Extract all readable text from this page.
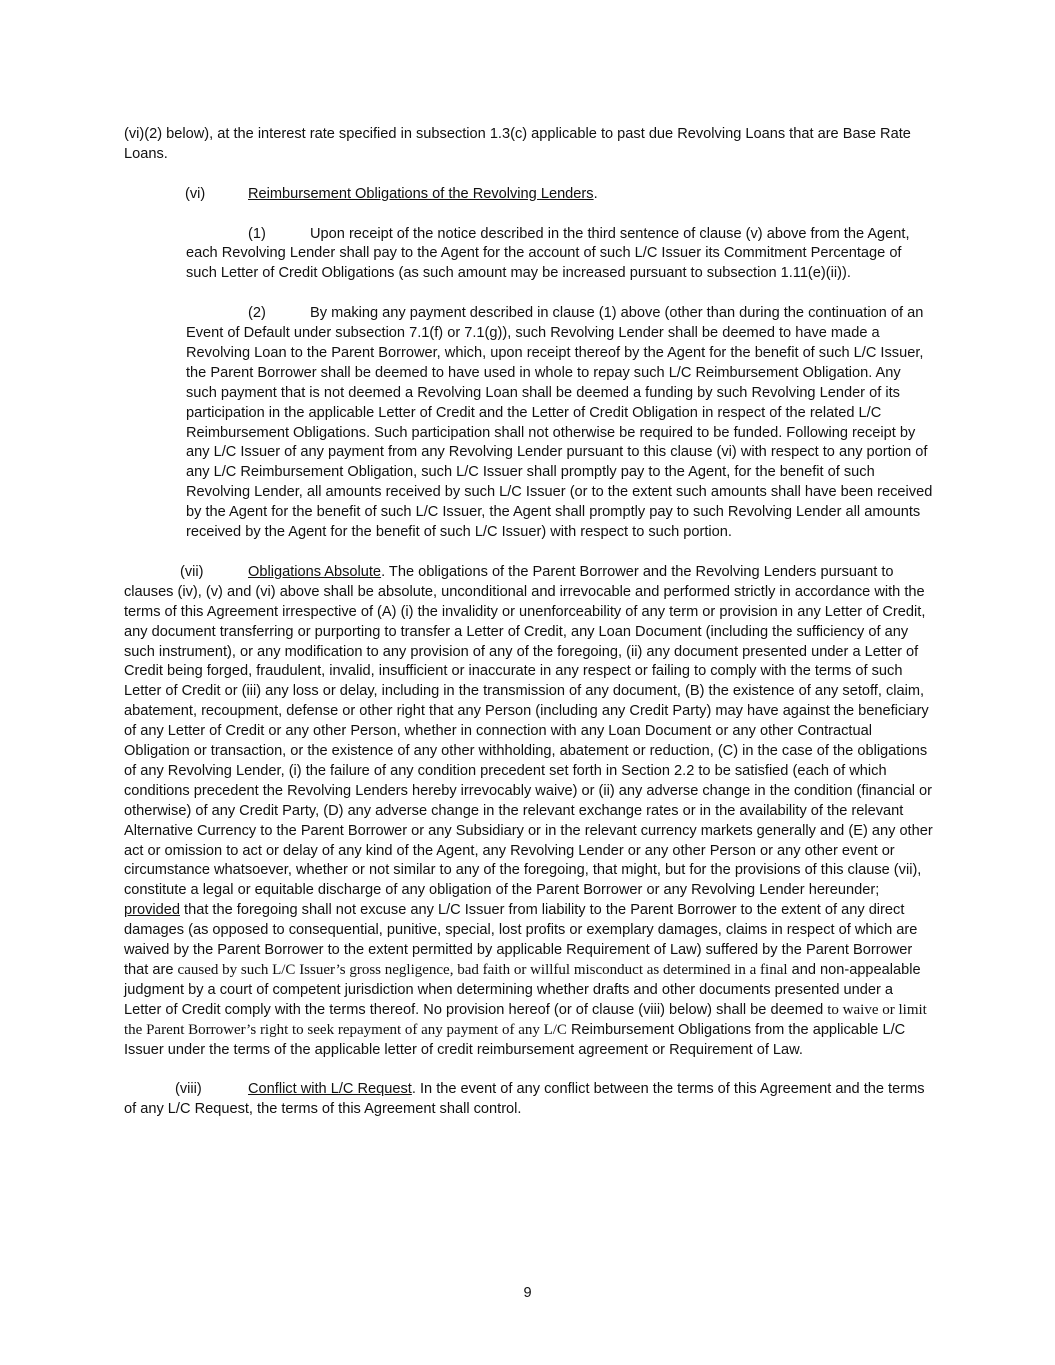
(vi)(2) below), at the interest rate specified in subsection 1.3(c) applicable to past due Revolving Loans that are Base Rate Loans.

(vi)	Reimbursement Obligations of the Revolving Lenders.

(1)	Upon receipt of the notice described in the third sentence of clause (v) above from the Agent, each Revolving Lender shall pay to the Agent for the account of such L/C Issuer its Commitment Percentage of such Letter of Credit Obligations (as such amount may be increased pursuant to subsection 1.11(e)(ii)).

(2)	By making any payment described in clause (1) above (other than during the continuation of an Event of Default under subsection 7.1(f) or 7.1(g)), such Revolving Lender shall be deemed to have made a Revolving Loan to the Parent Borrower, which, upon receipt thereof by the Agent for the benefit of such L/C Issuer, the Parent Borrower shall be deemed to have used in whole to repay such L/C Reimbursement Obligation. Any such payment that is not deemed a Revolving Loan shall be deemed a funding by such Revolving Lender of its participation in the applicable Letter of Credit and the Letter of Credit Obligation in respect of the related L/C Reimbursement Obligations. Such participation shall not otherwise be required to be funded. Following receipt by any L/C Issuer of any payment from any Revolving Lender pursuant to this clause (vi) with respect to any portion of any L/C Reimbursement Obligation, such L/C Issuer shall promptly pay to the Agent, for the benefit of such Revolving Lender, all amounts received by such L/C Issuer (or to the extent such amounts shall have been received by the Agent for the benefit of such L/C Issuer, the Agent shall promptly pay to such Revolving Lender all amounts received by the Agent for the benefit of such L/C Issuer) with respect to such portion.

(vii)	Obligations Absolute. The obligations of the Parent Borrower and the Revolving Lenders pursuant to clauses (iv), (v) and (vi) above shall be absolute, unconditional and irrevocable and performed strictly in accordance with the terms of this Agreement irrespective of (A) (i) the invalidity or unenforceability of any term or provision in any Letter of Credit, any document transferring or purporting to transfer a Letter of Credit, any Loan Document (including the sufficiency of any such instrument), or any modification to any provision of any of the foregoing, (ii) any document presented under a Letter of Credit being forged, fraudulent, invalid, insufficient or inaccurate in any respect or failing to comply with the terms of such Letter of Credit or (iii) any loss or delay, including in the transmission of any document, (B) the existence of any setoff, claim, abatement, recoupment, defense or other right that any Person (including any Credit Party) may have against the beneficiary of any Letter of Credit or any other Person, whether in connection with any Loan Document or any other Contractual Obligation or transaction, or the existence of any other withholding, abatement or reduction, (C) in the case of the obligations of any Revolving Lender, (i) the failure of any condition precedent set forth in Section 2.2 to be satisfied (each of which conditions precedent the Revolving Lenders hereby irrevocably waive) or (ii) any adverse change in the condition (financial or otherwise) of any Credit Party, (D) any adverse change in the relevant exchange rates or in the availability of the relevant Alternative Currency to the Parent Borrower or any Subsidiary or in the relevant currency markets generally and (E) any other act or omission to act or delay of any kind of the Agent, any Revolving Lender or any other Person or any other event or circumstance whatsoever, whether or not similar to any of the foregoing, that might, but for the provisions of this clause (vii), constitute a legal or equitable discharge of any obligation of the Parent Borrower or any Revolving Lender hereunder; provided that the foregoing shall not excuse any L/C Issuer from liability to the Parent Borrower to the extent of any direct damages (as opposed to consequential, punitive, special, lost profits or exemplary damages, claims in respect of which are waived by the Parent Borrower to the extent permitted by applicable Requirement of Law) suffered by the Parent Borrower that are caused by such L/C Issuer’s gross negligence, bad faith or willful misconduct as determined in a final and non-appealable judgment by a court of competent jurisdiction when determining whether drafts and other documents presented under a Letter of Credit comply with the terms thereof. No provision hereof (or of clause (viii) below) shall be deemed to waive or limit the Parent Borrower’s right to seek repayment of any payment of any L/C Reimbursement Obligations from the applicable L/C Issuer under the terms of the applicable letter of credit reimbursement agreement or Requirement of Law.

(viii)	Conflict with L/C Request. In the event of any conflict between the terms of this Agreement and the terms of any L/C Request, the terms of this Agreement shall control.

9
